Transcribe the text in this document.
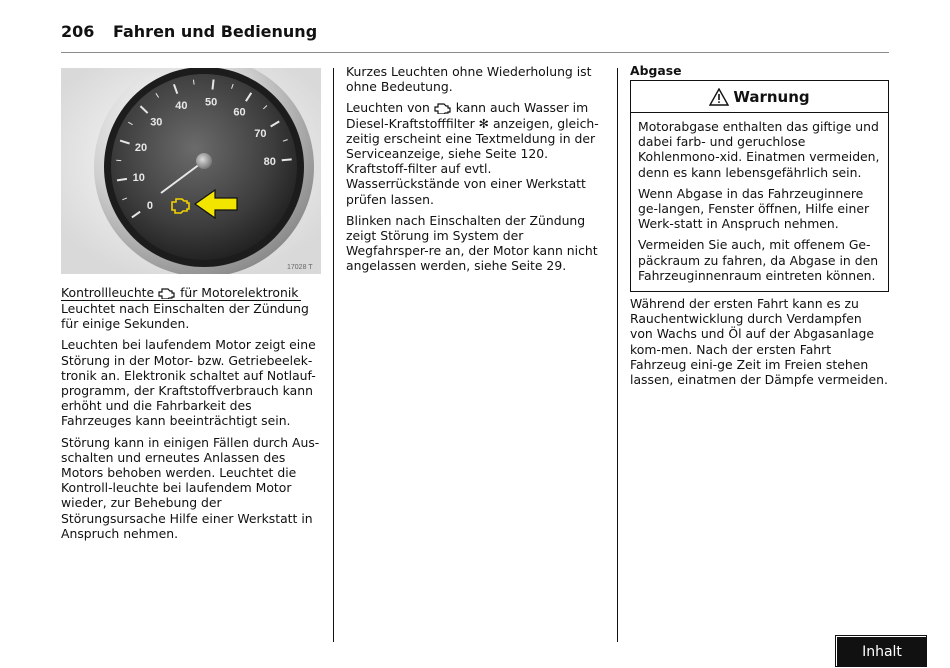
206 Fahren und Bedienung
0
10
20
30
40 50
60
70
80
17028 T
Kontrollleuchte für Motorelektronik

Leuchtet nach Einschalten der Zündung für einige Sekunden.

Leuchten bei laufendem Motor zeigt eine Störung in der Motor- bzw. Getriebeelek-tronik an. Elektronik schaltet auf Notlauf-programm, der Kraftstoffverbrauch kann erhöht und die Fahrbarkeit des Fahrzeuges kann beeinträchtigt sein.

Störung kann in einigen Fällen durch Aus-schalten und erneutes Anlassen des Motors behoben werden. Leuchtet die Kontroll-leuchte bei laufendem Motor wieder, zur Behebung der Störungsursache Hilfe einer Werkstatt in Anspruch nehmen.

Kurzes Leuchten ohne Wiederholung ist ohne Bedeutung.

Leuchten von kann auch Wasser im Diesel-Kraftstofffilter ✻ anzeigen, gleich-zeitig erscheint eine Textmeldung in der Serviceanzeige, siehe Seite 120. Kraftstoff-filter auf evtl. Wasserrückstände von einer Werkstatt prüfen lassen.

Blinken nach Einschalten der Zündung zeigt Störung im System der Wegfahrsper-re an, der Motor kann nicht angelassen werden, siehe Seite 29.

Abgase
Warnung

Motorabgase enthalten das giftige und dabei farb- und geruchlose Kohlenmono-xid. Einatmen vermeiden, denn es kann lebensgefährlich sein.

Wenn Abgase in das Fahrzeuginnere ge-langen, Fenster öffnen, Hilfe einer Werk-statt in Anspruch nehmen.

Vermeiden Sie auch, mit offenem Ge-päckraum zu fahren, da Abgase in den Fahrzeuginnenraum eintreten können.

Während der ersten Fahrt kann es zu Rauchentwicklung durch Verdampfen von Wachs und Öl auf der Abgasanlage kom-men. Nach der ersten Fahrt Fahrzeug eini-ge Zeit im Freien stehen lassen, einatmen der Dämpfe vermeiden.

Inhalt
